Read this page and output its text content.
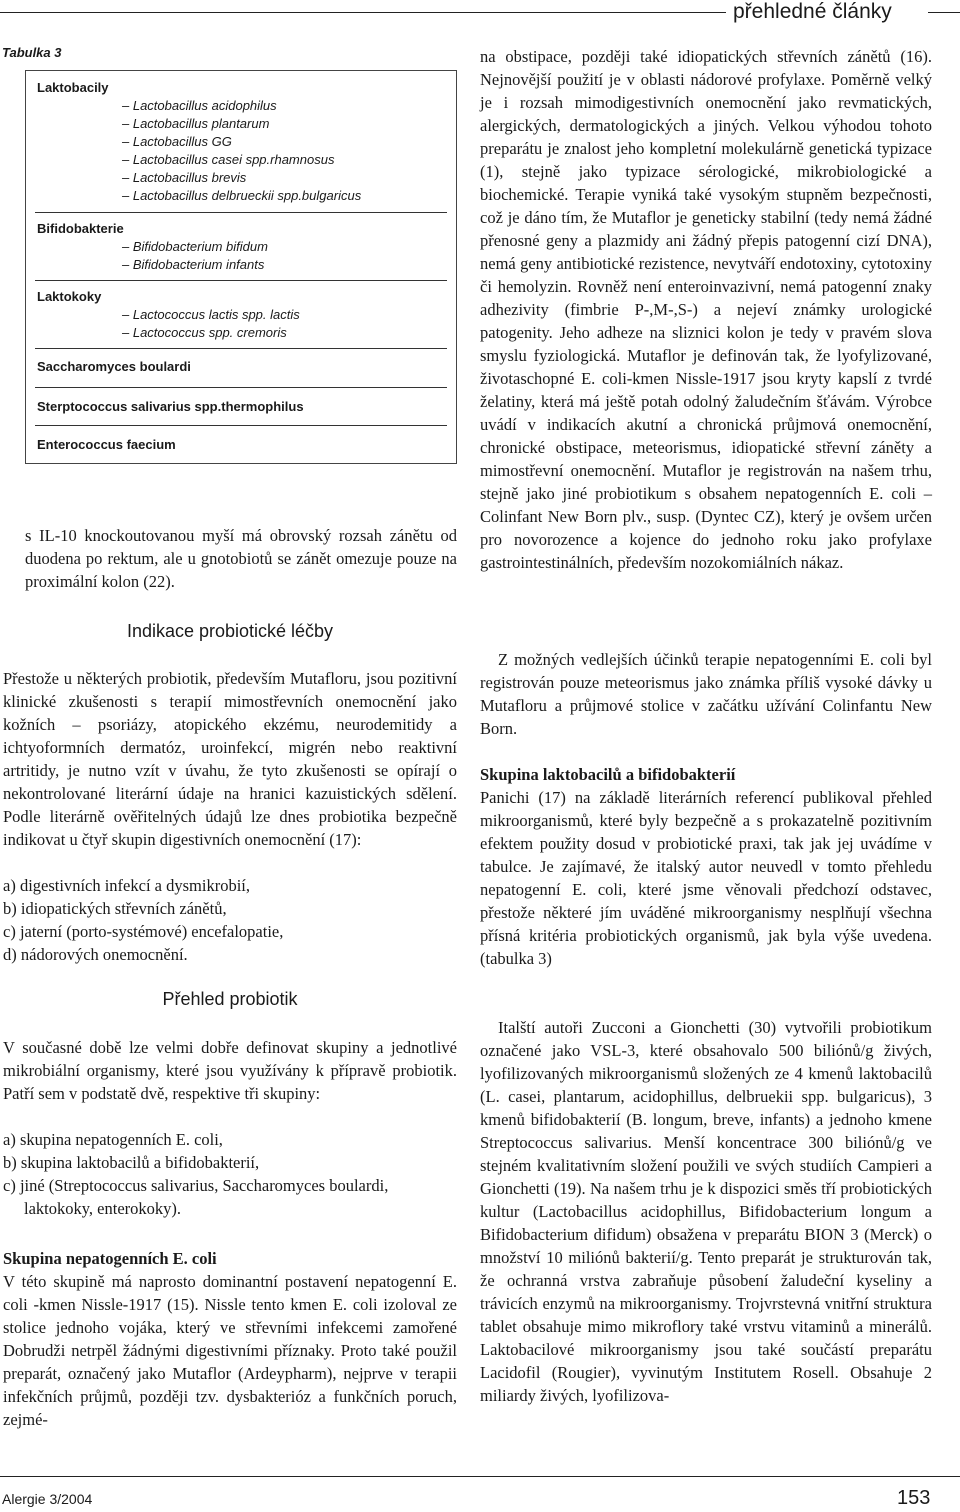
přehledné články
Tabulka 3
Laktobacily
– Lactobacillus acidophilus
– Lactobacillus plantarum
– Lactobacillus GG
– Lactobacillus casei spp.rhamnosus
– Lactobacillus brevis
– Lactobacillus delbrueckii spp.bulgaricus
Bifidobakterie
– Bifidobacterium bifidum
– Bifidobacterium infants
Laktokoky
– Lactococcus lactis spp. lactis
– Lactococcus spp. cremoris
Saccharomyces boulardi
Sterptococcus salivarius spp.thermophilus
Enterococcus faecium

s IL-10 knockoutovanou myší má obrovský rozsah zánětu od duodena po rektum, ale u gnotobiotů se zánět omezuje pouze na proximální kolon (22).

Indikace probiotické léčby

Přestože u některých probiotik, především Mutafloru, jsou pozitivní klinické zkušenosti s terapií mimostřevních onemocnění jako kožních – psoriázy, atopického ekzému, neurodemitidy a ichtyoformních dermatóz, uroinfekcí, migrén nebo reaktivní artritidy, je nutno vzít v úvahu, že tyto zkušenosti se opírají o nekontrolované literární údaje na hranici kazuistických sdělení. Podle literárně ověřitelných údajů lze dnes probiotika bezpečně indikovat u čtyř skupin digestivních onemocnění (17):

a) digestivních infekcí a dysmikrobií,
b) idiopatických střevních zánětů,
c) jaterní (porto-systémové) encefalopatie,
d) nádorových onemocnění.
Přehled probiotik

V současné době lze velmi dobře definovat skupiny a jednotlivé mikrobiální organismy, které jsou využívány k přípravě probiotik. Patří sem v podstatě dvě, respektive tři skupiny:

a) skupina nepatogenních E. coli,
b) skupina laktobacilů a bifidobakterií,
c) jiné (Streptococcus salivarius, Saccharomyces boulardi,
laktokoky, enterokoky).
Skupina nepatogenních E. coli

V této skupině má naprosto dominantní postavení nepatogenní E. coli -kmen Nissle-1917 (15). Nissle tento kmen E. coli izoloval ze stolice jednoho vojáka, který ve střevními infekcemi zamořené Dobrudži netrpěl žádnými digestivními příznaky. Proto také použil preparát, označený jako Mutaflor (Ardeypharm), nejprve v terapii infekčních průjmů, později tzv. dysbakterióz a funkčních poruch, zejmé-

na obstipace, později také idiopatických střevních zánětů (16). Nejnovější použití je v oblasti nádorové profylaxe. Poměrně velký je i rozsah mimodigestivních onemocnění jako revmatických, alergických, dermatologických a jiných. Velkou výhodou tohoto preparátu je znalost jeho kompletní molekulárně genetická typizace (1), stejně jako typizace sérologické, mikrobiologické a biochemické. Terapie vyniká také vysokým stupněm bezpečnosti, což je dáno tím, že Mutaflor je geneticky stabilní (tedy nemá žádné přenosné geny a plazmidy ani žádný přepis patogenní cizí DNA), nemá geny antibiotické rezistence, nevytváří endotoxiny, cytotoxiny či hemolyzin. Rovněž není enteroinvazivní, nemá patogenní znaky adhezivity (fimbrie P-,M-,S-) a nejeví známky urologické patogenity. Jeho adheze na sliznici kolon je tedy v pravém slova smyslu fyziologická. Mutaflor je definován tak, že lyofylizované, životaschopné E. coli-kmen Nissle-1917 jsou kryty kapslí z tvrdé želatiny, která má ještě potah odolný žaludečním šťávám. Výrobce uvádí v indikacích akutní a chronická průjmová onemocnění, chronické obstipace, meteorismus, idiopatické střevní záněty a mimostřevní onemocnění. Mutaflor je registrován na našem trhu, stejně jako jiné probiotikum s obsahem nepatogenních E. coli – Colinfant New Born plv., susp. (Dyntec CZ), který je ovšem určen pro novorozence a kojence do jednoho roku jako profylaxe gastrointestinálních, především nozokomiálních nákaz.

Z možných vedlejších účinků terapie nepatogenními E. coli byl registrován pouze meteorismus jako známka příliš vysoké dávky u Mutafloru a průjmové stolice v začátku užívání Colinfantu New Born.

Skupina laktobacilů a bifidobakterií

Panichi (17) na základě literárních referencí publikoval přehled mikroorganismů, které byly bezpečně a s prokazatelně pozitivním efektem použity dosud v probiotické praxi, tak jak jej uvádíme v tabulce. Je zajímavé, že italský autor neuvedl v tomto přehledu nepatogenní E. coli, které jsme věnovali předchozí odstavec, přestože některé jím uváděné mikroorganismy nesplňují všechna přísná kritéria probiotických organismů, jak byla výše uvedena. (tabulka 3)

Italští autoři Zucconi a Gionchetti (30) vytvořili probiotikum označené jako VSL-3, které obsahovalo 500 biliónů/g živých, lyofilizovaných mikroorganismů složených ze 4 kmenů laktobacilů (L. casei, plantarum, acidophillus, delbruekii spp. bulgaricus), 3 kmenů bifidobakterií (B. longum, breve, infants) a jednoho kmene Streptococcus salivarius. Menší koncentrace 300 biliónů/g ve stejném kvalitativním složení použili ve svých studiích Campieri a Gionchetti (19). Na našem trhu je k dispozici směs tří probiotických kultur (Lactobacillus acidophillus, Bifidobacterium longum a Bifidobacterium difidum) obsažena v preparátu BION 3 (Merck) o množství 10 miliónů bakterií/g. Tento preparát je strukturován tak, že ochranná vrstva zabraňuje působení žaludeční kyseliny a trávicích enzymů na mikroorganismy. Trojvrstevná vnitřní struktura tablet obsahuje mimo mikroflory také vrstvu vitaminů a minerálů. Laktobacilové mikroorganismy jsou také součástí preparátu Lacidofil (Rougier), vyvinutým Institutem Rosell. Obsahuje 2 miliardy živých, lyofilizova-

Alergie 3/2004	153
